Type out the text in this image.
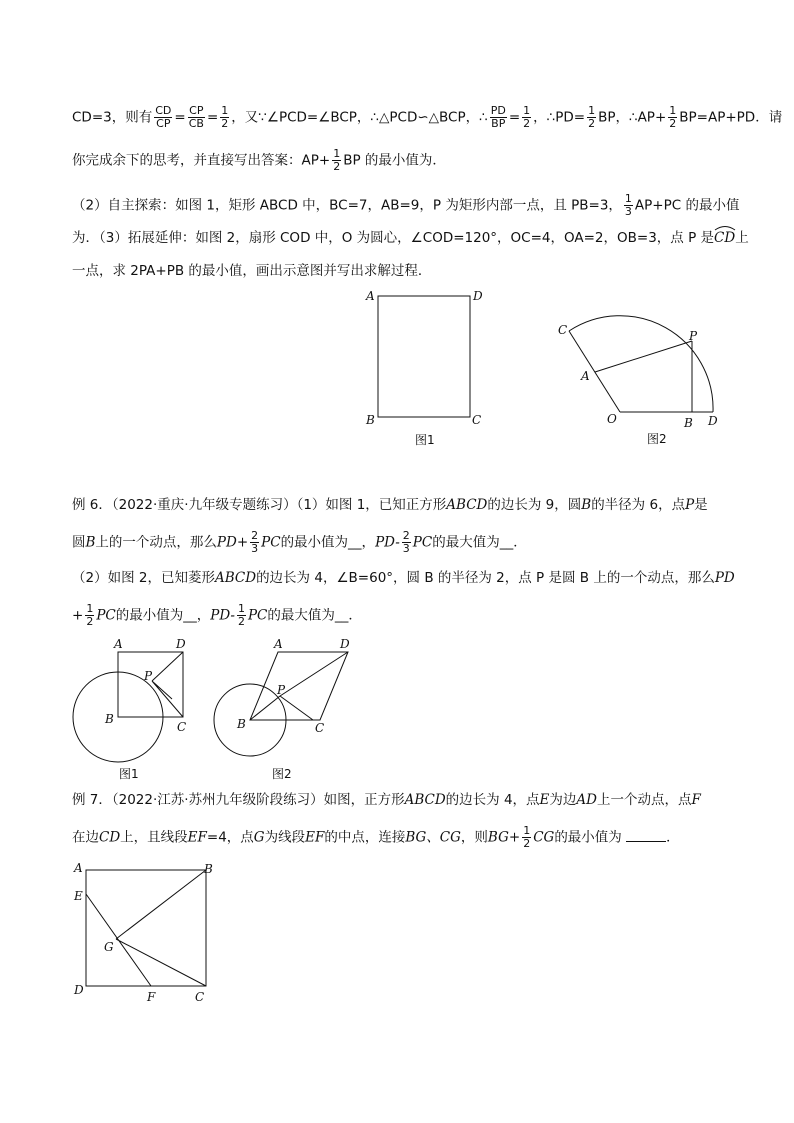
CD=3，则有 $\frac{CD}{CP} = \frac{CP}{CB} = \frac{1}{2}$ ，又∵∠PCD=∠BCP，∴△PCD∽△BCP，∴ $\frac{PD}{BP} = \frac{1}{2}$ ，∴PD= $\frac{1}{2}$ BP，∴AP+ $\frac{1}{2} BP=AP+PD$．请
你完成余下的思考，并直接写出答案：$AP+ \frac{1}{2}$ BP 的最小值为．
（2）自主探索：如图 1，矩形 ABCD 中，BC=7，AB=9，P 为矩形内部一点，且 PB=3， $\frac{1}{3} AP+PC$ 的最小值
为．（3）拓展延伸：如图 2，扇形 COD 中，O 为圆心，∠COD=120°，OC=4，OA=2，OB=3，点 P 是
CD上
一点，求 2PA+PB 的最小值，画出示意图并写出求解过程．
A	D
B	C
图1
C
A
P
O	B D
图2
例 6．（2022·重庆·九年级专题练习）（1）如图 1，已知正方形ABCD的边长为 9，圆B的半径为 6，点P是
圆B上的一个动点，那么$PD+ \frac{2}{3}$ PC的最小值为__，$PD- \frac{2}{3}$ PC的最大值为__．
（2）如图 2，已知菱形ABCD的边长为 4，∠B=60°，圆 B 的半径为 2，点 P 是圆 B 上的一个动点，那么PD
+ $\frac{1}{2}$ PC的最小值为__，$PD- \frac{1}{2}$ PC的最大值为__．
A	D
P
B
C
图1
A	D
P
B	C
图2
例 7．（2022·江苏·苏州九年级阶段练习）如图，正方形ABCD的边长为 4，点E为边AD上一个动点，点F
在边CD上，且线段EF=4，点G为线段EF的中点，连接BG、CG，则$BG+ \frac{1}{2}$ CG的最小值为	．
A	B
E
G
D	F	C
